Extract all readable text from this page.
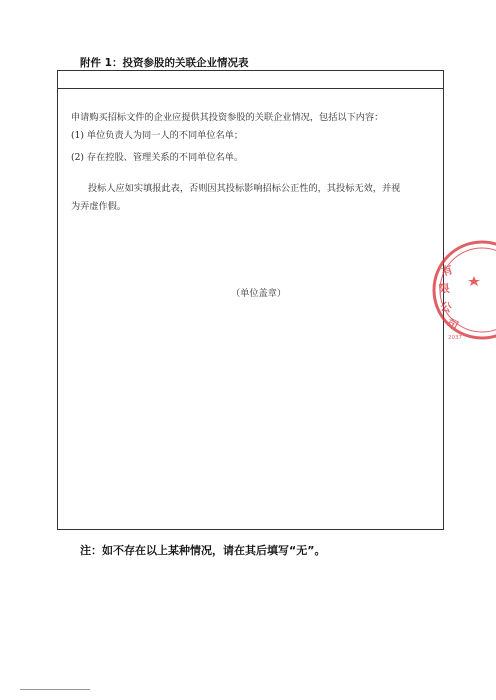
附件 1：投资参股的关联企业情况表
申请购买招标文件的企业应提供其投资参股的关联企业情况，包括以下内容：
(1) 单位负责人为同一人的不同单位名单；
(2) 存在控股、管理关系的不同单位名单。
投标人应如实填报此表，否则因其投标影响招标公正性的，其投标无效，并视
为弄虚作假。
（单位盖章）
有
限
公
司
2037
注：如不存在以上某种情况，请在其后填写“无”。
